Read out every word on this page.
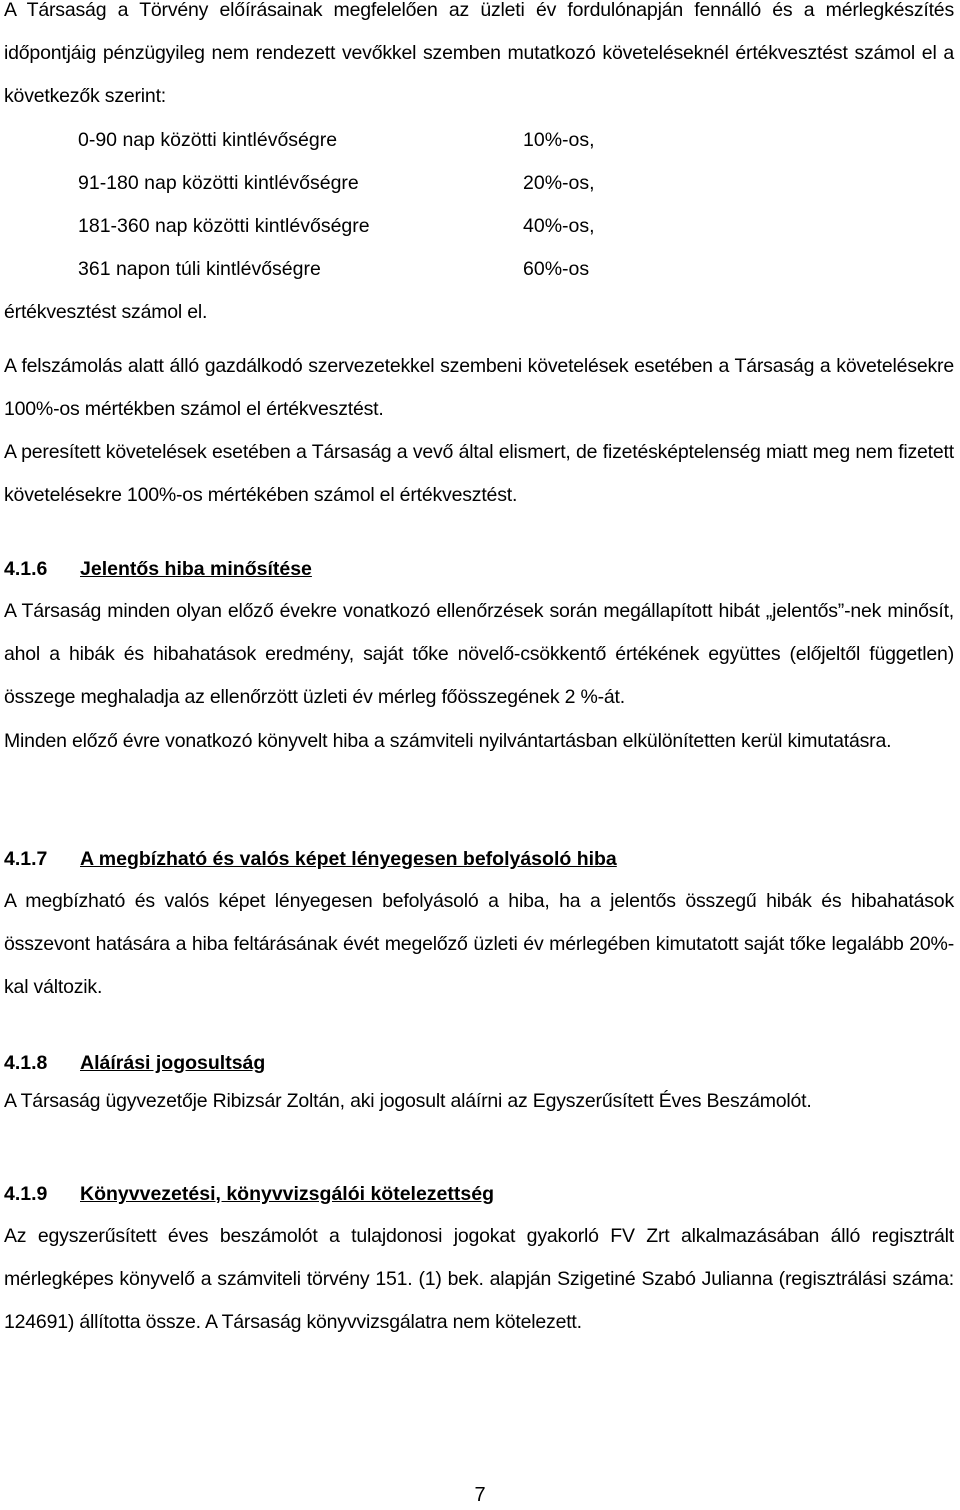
A Társaság a Törvény előírásainak megfelelően az üzleti év fordulónapján fennálló és a mérlegkészítés időpontjáig pénzügyileg nem rendezett vevőkkel szemben mutatkozó követeléseknél értékvesztést számol el a következők szerint:
0-90 nap közötti kintlévőségre	10%-os,
91-180 nap közötti kintlévőségre	20%-os,
181-360 nap közötti kintlévőségre	40%-os,
361 napon túli kintlévőségre	60%-os
értékvesztést számol el.
A felszámolás alatt álló gazdálkodó szervezetekkel szembeni követelések esetében a Társaság a követelésekre 100%-os mértékben számol el értékvesztést.
A peresített követelések esetében a Társaság a vevő által elismert, de fizetésképtelenség miatt meg nem fizetett követelésekre 100%-os mértékében számol el értékvesztést.
4.1.6 Jelentős hiba minősítése
A Társaság minden olyan előző évekre vonatkozó ellenőrzések során megállapított hibát „jelentős”-nek minősít, ahol a hibák és hibahatások eredmény, saját tőke növelő-csökkentő értékének együttes (előjeltől független) összege meghaladja az ellenőrzött üzleti év mérleg főösszegének 2 %-át.
Minden előző évre vonatkozó könyvelt hiba a számviteli nyilvántartásban elkülönítetten kerül kimutatásra.
4.1.7 A megbízható és valós képet lényegesen befolyásoló hiba
A megbízható és valós képet lényegesen befolyásoló a hiba, ha a jelentős összegű hibák és hibahatások összevont hatására a hiba feltárásának évét megelőző üzleti év mérlegében kimutatott saját tőke legalább 20%-kal változik.
4.1.8 Aláírási jogosultság
A Társaság ügyvezetője Ribizsár Zoltán, aki jogosult aláírni az Egyszerűsített Éves Beszámolót.
4.1.9 Könyvvezetési, könyvvizsgálói kötelezettség
Az egyszerűsített éves beszámolót a tulajdonosi jogokat gyakorló FV Zrt alkalmazásában álló regisztrált mérlegképes könyvelő a számviteli törvény 151. (1) bek. alapján Szigetiné Szabó Julianna (regisztrálási száma: 124691) állította össze. A Társaság könyvvizsgálatra nem kötelezett.
7
